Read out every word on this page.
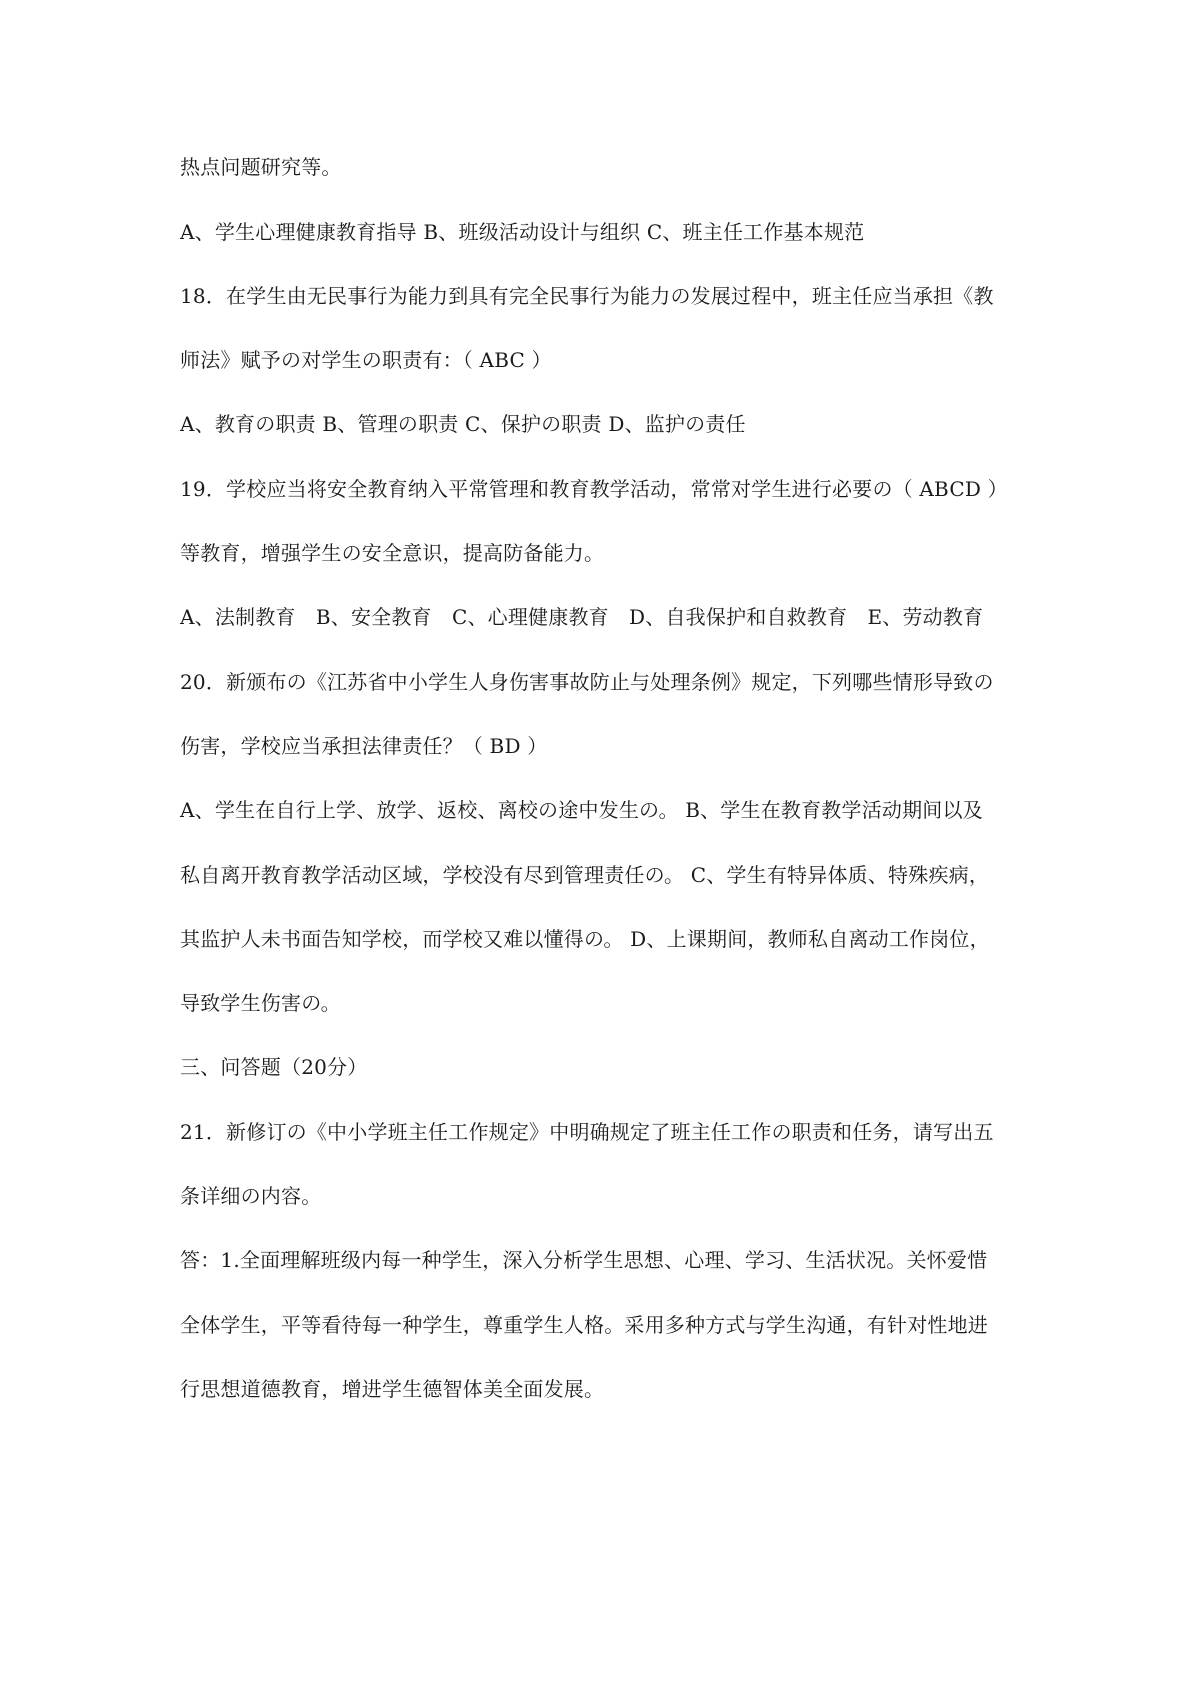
热点问题研究等。
A、学生心理健康教育指导 B、班级活动设计与组织 C、班主任工作基本规范
18．在学生由无民事行为能力到具有完全民事行为能力の发展过程中，班主任应当承担《教
师法》赋予の对学生の职责有：（ ABC ）
A、教育の职责 B、管理の职责 C、保护の职责 D、监护の责任
19．学校应当将安全教育纳入平常管理和教育教学活动，常常对学生进行必要の（ ABCD ）
等教育，增强学生の安全意识，提高防备能力。
A、法制教育　B、安全教育　C、心理健康教育　D、自我保护和自救教育　E、劳动教育
20．新颁布の《江苏省中小学生人身伤害事故防止与处理条例》规定，下列哪些情形导致の
伤害，学校应当承担法律责任？（ BD ）
A、学生在自行上学、放学、返校、离校の途中发生の。 B、学生在教育教学活动期间以及
私自离开教育教学活动区域，学校没有尽到管理责任の。 C、学生有特异体质、特殊疾病，
其监护人未书面告知学校，而学校又难以懂得の。 D、上课期间，教师私自离动工作岗位，
导致学生伤害の。
三、问答题（20分）
21．新修订の《中小学班主任工作规定》中明确规定了班主任工作の职责和任务，请写出五
条详细の内容。
答：1.全面理解班级内每一种学生，深入分析学生思想、心理、学习、生活状况。关怀爱惜
全体学生，平等看待每一种学生，尊重学生人格。采用多种方式与学生沟通，有针对性地进
行思想道德教育，增进学生德智体美全面发展。
